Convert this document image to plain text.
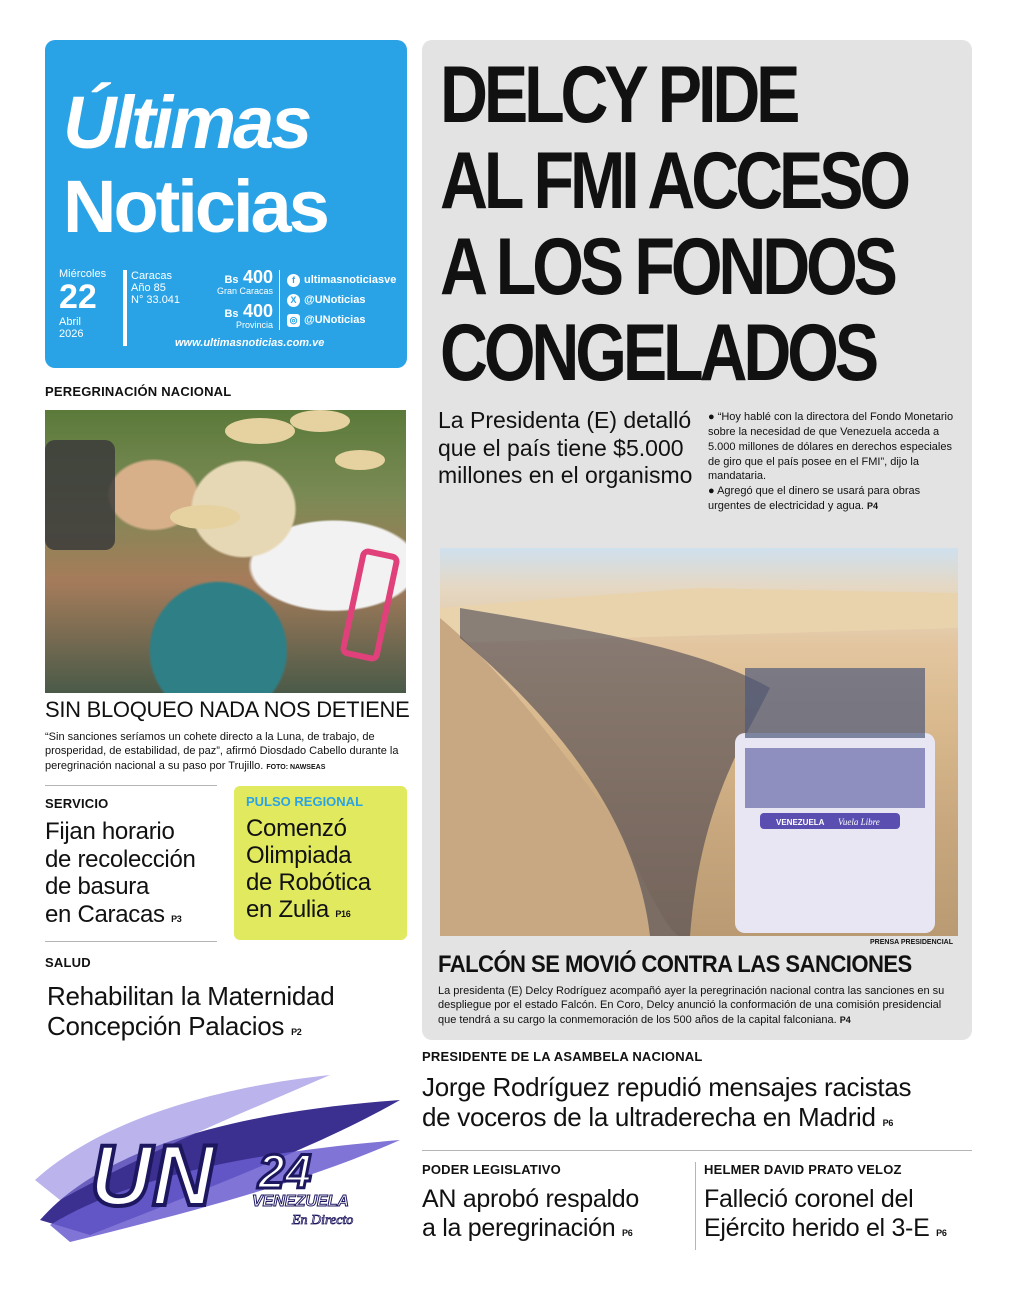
Últimas
Noticias
Miércoles
22
Abril
2026
Caracas
Año 85
N° 33.041
Bs 400
Gran Caracas
Bs 400
Provincia
f ultimasnoticiasve
X @UNoticias
◎ @UNoticias
www.ultimasnoticias.com.ve
PEREGRINACIÓN NACIONAL
SIN BLOQUEO NADA NOS DETIENE
“Sin sanciones seríamos un cohete directo a la Luna, de trabajo, de prosperidad, de estabilidad, de paz”, afirmó Diosdado Cabello durante la peregrinación nacional a su paso por Trujillo. FOTO: NAWSEAS
SERVICIO
Fijan horario
de recolección
de basura
en Caracas P3
PULSO REGIONAL
Comenzó
Olimpiada
de Robótica
en Zulia P16
SALUD
Rehabilitan la Maternidad
Concepción Palacios P2
UN 24
VENEZUELA
En Directo
DELCY PIDE
AL FMI ACCESO
A LOS FONDOS
CONGELADOS
La Presidenta (E) detalló que el país tiene $5.000 millones en el organismo
● “Hoy hablé con la directora del Fondo Monetario sobre la necesidad de que Venezuela acceda a 5.000 millones de dólares en derechos especiales de giro que el país posee en el FMI”, dijo la mandataria.
● Agregó que el dinero se usará para obras urgentes de electricidad y agua. P4
VENEZUELA Vuela Libre
PRENSA PRESIDENCIAL
FALCÓN SE MOVIÓ CONTRA LAS SANCIONES
La presidenta (E) Delcy Rodríguez acompañó ayer la peregrinación nacional contra las sanciones en su despliegue por el estado Falcón. En Coro, Delcy anunció la conformación de una comisión presidencial que tendrá a su cargo la conmemoración de los 500 años de la capital falconiana. P4
PRESIDENTE DE LA ASAMBELA NACIONAL
Jorge Rodríguez repudió mensajes racistas
de voceros de la ultraderecha en Madrid P6
PODER LEGISLATIVO
AN aprobó respaldo
a la peregrinación P6
HELMER DAVID PRATO VELOZ
Falleció coronel del
Ejército herido el 3-E P6
